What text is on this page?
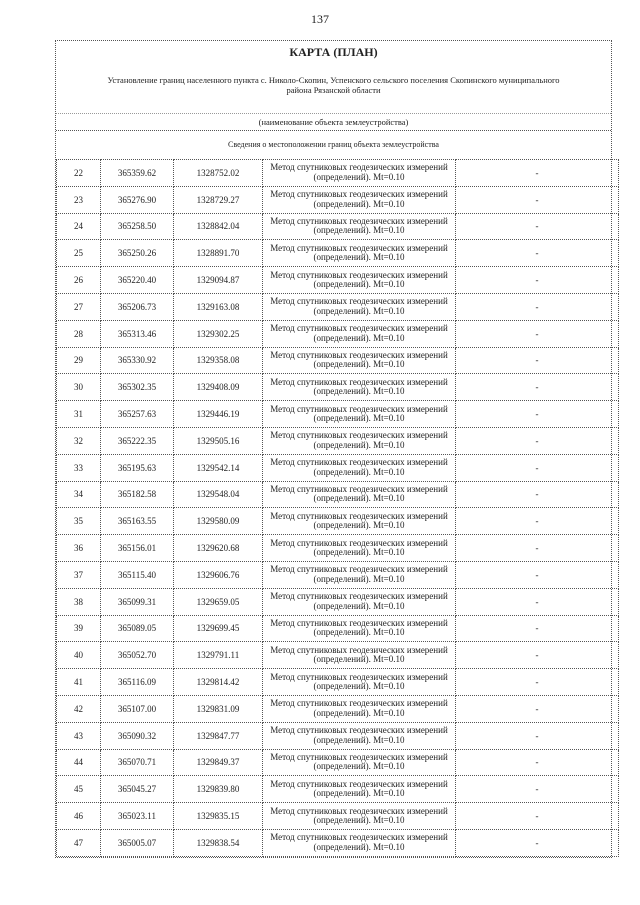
137
КАРТА (ПЛАН)
Установление границ населенного пункта с. Николо-Скопин, Успенского сельского поселения Скопинского муниципального района Рязанской области
(наименование объекта землеустройства)
Сведения о местоположении границ объекта землеустройства
22	365359.62	1328752.02	Метод спутниковых геодезических измерений (определений). Mt=0.10	-
23	365276.90	1328729.27	Метод спутниковых геодезических измерений (определений). Mt=0.10	-
24	365258.50	1328842.04	Метод спутниковых геодезических измерений (определений). Mt=0.10	-
25	365250.26	1328891.70	Метод спутниковых геодезических измерений (определений). Mt=0.10	-
26	365220.40	1329094.87	Метод спутниковых геодезических измерений (определений). Mt=0.10	-
27	365206.73	1329163.08	Метод спутниковых геодезических измерений (определений). Mt=0.10	-
28	365313.46	1329302.25	Метод спутниковых геодезических измерений (определений). Mt=0.10	-
29	365330.92	1329358.08	Метод спутниковых геодезических измерений (определений). Mt=0.10	-
30	365302.35	1329408.09	Метод спутниковых геодезических измерений (определений). Mt=0.10	-
31	365257.63	1329446.19	Метод спутниковых геодезических измерений (определений). Mt=0.10	-
32	365222.35	1329505.16	Метод спутниковых геодезических измерений (определений). Mt=0.10	-
33	365195.63	1329542.14	Метод спутниковых геодезических измерений (определений). Mt=0.10	-
34	365182.58	1329548.04	Метод спутниковых геодезических измерений (определений). Mt=0.10	-
35	365163.55	1329580.09	Метод спутниковых геодезических измерений (определений). Mt=0.10	-
36	365156.01	1329620.68	Метод спутниковых геодезических измерений (определений). Mt=0.10	-
37	365115.40	1329606.76	Метод спутниковых геодезических измерений (определений). Mt=0.10	-
38	365099.31	1329659.05	Метод спутниковых геодезических измерений (определений). Mt=0.10	-
39	365089.05	1329699.45	Метод спутниковых геодезических измерений (определений). Mt=0.10	-
40	365052.70	1329791.11	Метод спутниковых геодезических измерений (определений). Mt=0.10	-
41	365116.09	1329814.42	Метод спутниковых геодезических измерений (определений). Mt=0.10	-
42	365107.00	1329831.09	Метод спутниковых геодезических измерений (определений). Mt=0.10	-
43	365090.32	1329847.77	Метод спутниковых геодезических измерений (определений). Mt=0.10	-
44	365070.71	1329849.37	Метод спутниковых геодезических измерений (определений). Mt=0.10	-
45	365045.27	1329839.80	Метод спутниковых геодезических измерений (определений). Mt=0.10	-
46	365023.11	1329835.15	Метод спутниковых геодезических измерений (определений). Mt=0.10	-
47	365005.07	1329838.54	Метод спутниковых геодезических измерений (определений). Mt=0.10	-
